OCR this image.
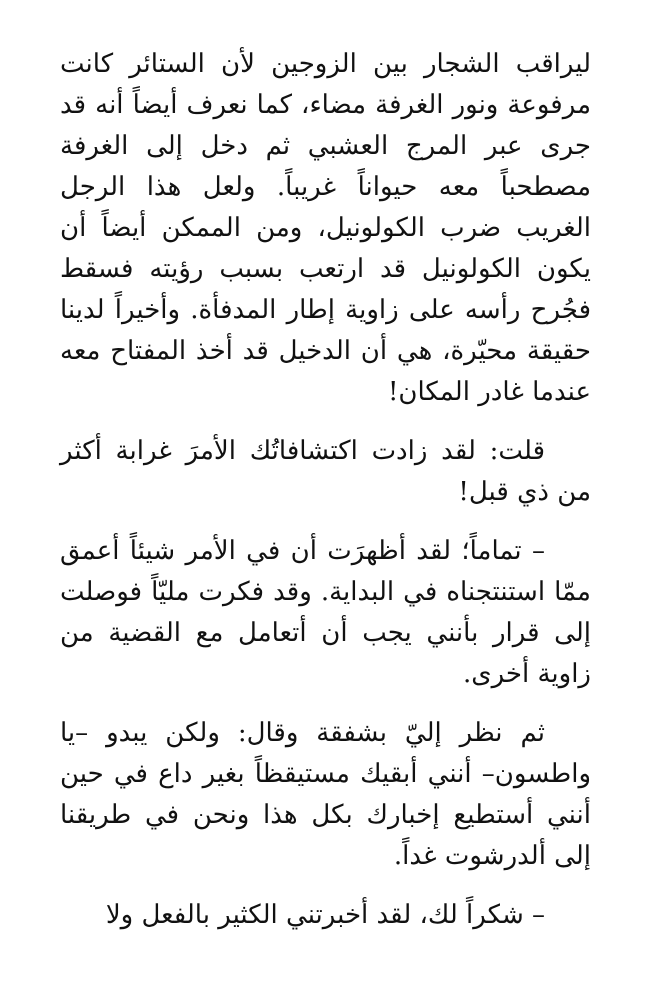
ليراقب الشجار بين الزوجين لأن الستائر كانت مرفوعة ونور الغرفة مضاء، كما نعرف أيضاً أنه قد جرى عبر المرج العشبي ثم دخل إلى الغرفة مصطحباً معه حيواناً غريباً. ولعل هذا الرجل الغريب ضرب الكولونيل، ومن الممكن أيضاً أن يكون الكولونيل قد ارتعب بسبب رؤيته فسقط فجُرح رأسه على زاوية إطار المدفأة. وأخيراً لدينا حقيقة محيّرة، هي أن الدخيل قد أخذ المفتاح معه عندما غادر المكان!

قلت: لقد زادت اكتشافاتُك الأمرَ غرابة أكثر من ذي قبل!

– تماماً؛ لقد أظهرَت أن في الأمر شيئاً أعمق ممّا استنتجناه في البداية. وقد فكرت مليّاً فوصلت إلى قرار بأنني يجب أن أتعامل مع القضية من زاوية أخرى.

ثم نظر إليّ بشفقة وقال: ولكن يبدو –يا واطسون– أنني أبقيك مستيقظاً بغير داع في حين أنني أستطيع إخبارك بكل هذا ونحن في طريقنا إلى ألدرشوت غداً.

– شكراً لك، لقد أخبرتني الكثير بالفعل ولا
